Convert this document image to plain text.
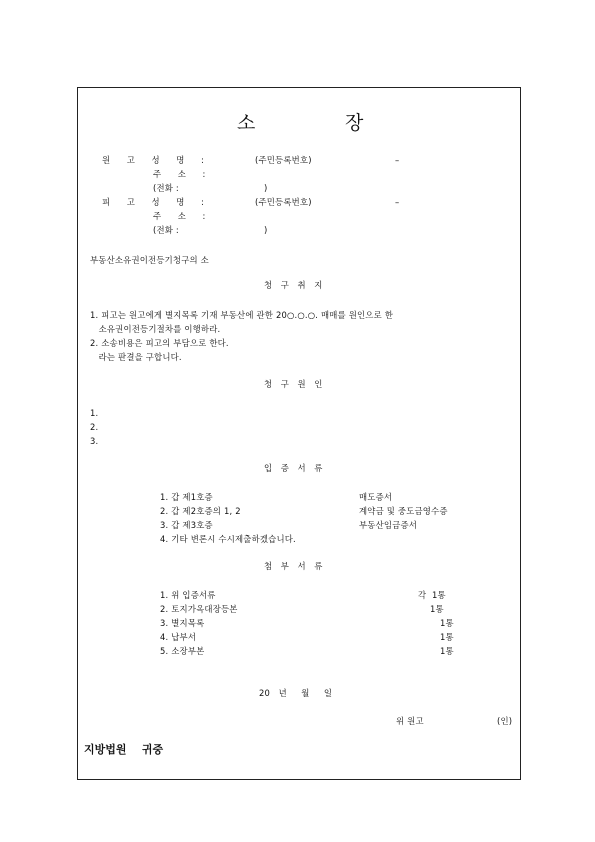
소	장
원 고 성 명 :	(주민등록번호)	–
주 소 :
(전화 :	)
피 고 성 명 :	(주민등록번호)	–
주 소 :
(전화 :	)
부동산소유권이전등기청구의 소
청 구 취 지
1. 피고는 원고에게 별지목록 기재 부동산에 관한 20○.○.○. 매매를 원인으로 한
소유권이전등기절차를 이행하라.
2. 소송비용은 피고의 부담으로 한다.
라는 판결을 구합니다.
청 구 원 인
1.
2.
3.
입 증 서 류
1. 갑 제1호증	매도증서
2. 갑 제2호증의 1, 2	계약금 및 중도금영수증
3. 갑 제3호증	부동산임금증서
4. 기타 변론시 수시제출하겠습니다.
첨 부 서 류
1. 위 입증서류	각  1통
2. 토지가옥대장등본	1통
3. 별지목록	1통
4. 납부서	1통
5. 소장부본	1통
20   년     월     일
위 원고	(인)
지방법원    귀중
